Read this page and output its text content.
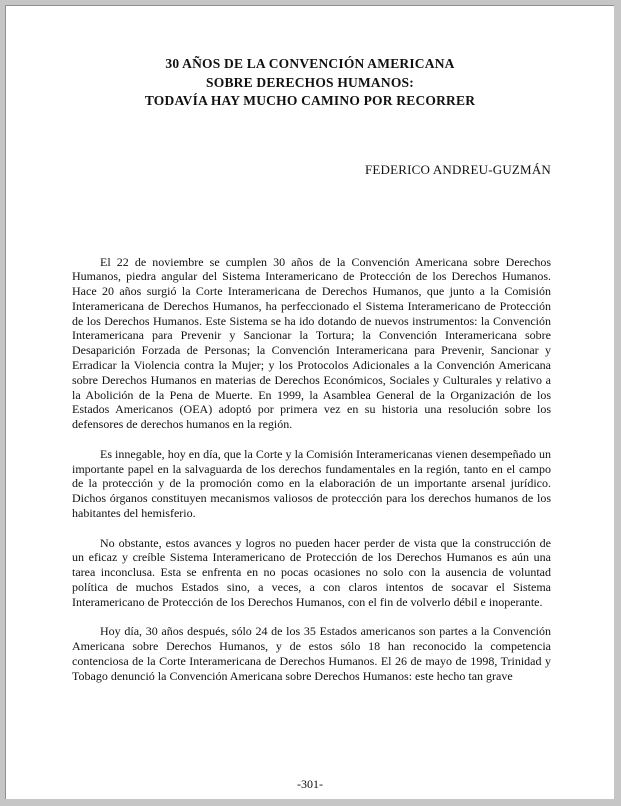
30 AÑOS DE LA CONVENCIÓN AMERICANA
SOBRE DERECHOS HUMANOS:
TODAVÍA HAY MUCHO CAMINO POR RECORRER
FEDERICO ANDREU-GUZMÁN

El 22 de noviembre se cumplen 30 años de la Convención Americana sobre Derechos Humanos, piedra angular del Sistema Interamericano de Protección de los Derechos Humanos. Hace 20 años surgió la Corte Interamericana de Derechos Humanos, que junto a la Comisión Interamericana de Derechos Humanos, ha perfeccionado el Sistema Interamericano de Protección de los Derechos Humanos. Este Sistema se ha ido dotando de nuevos instrumentos: la Convención Interamericana para Prevenir y Sancionar la Tortura; la Convención Interamericana sobre Desaparición Forzada de Personas; la Convención Interamericana para Prevenir, Sancionar y Erradicar la Violencia contra la Mujer; y los Protocolos Adicionales a la Convención Americana sobre Derechos Humanos en materias de Derechos Económicos, Sociales y Culturales y relativo a la Abolición de la Pena de Muerte. En 1999, la Asamblea General de la Organización de los Estados Americanos (OEA) adoptó por primera vez en su historia una resolución sobre los defensores de derechos humanos en la región.

Es innegable, hoy en día, que la Corte y la Comisión Interamericanas vienen desempeñado un importante papel en la salvaguarda de los derechos fundamentales en la región, tanto en el campo de la protección y de la promoción como en la elaboración de un importante arsenal jurídico. Dichos órganos constituyen mecanismos valiosos de protección para los derechos humanos de los habitantes del hemisferio.

No obstante, estos avances y logros no pueden hacer perder de vista que la construcción de un eficaz y creíble Sistema Interamericano de Protección de los Derechos Humanos es aún una tarea inconclusa. Esta se enfrenta en no pocas ocasiones no solo con la ausencia de voluntad política de muchos Estados sino, a veces, a con claros intentos de socavar el Sistema Interamericano de Protección de los Derechos Humanos, con el fin de volverlo débil e inoperante.

Hoy día, 30 años después, sólo 24 de los 35 Estados americanos son partes a la Convención Americana sobre Derechos Humanos, y de estos sólo 18 han reconocido la competencia contenciosa de la Corte Interamericana de Derechos Humanos. El 26 de mayo de 1998, Trinidad y Tobago denunció la Convención Americana sobre Derechos Humanos: este hecho tan grave

-301-
